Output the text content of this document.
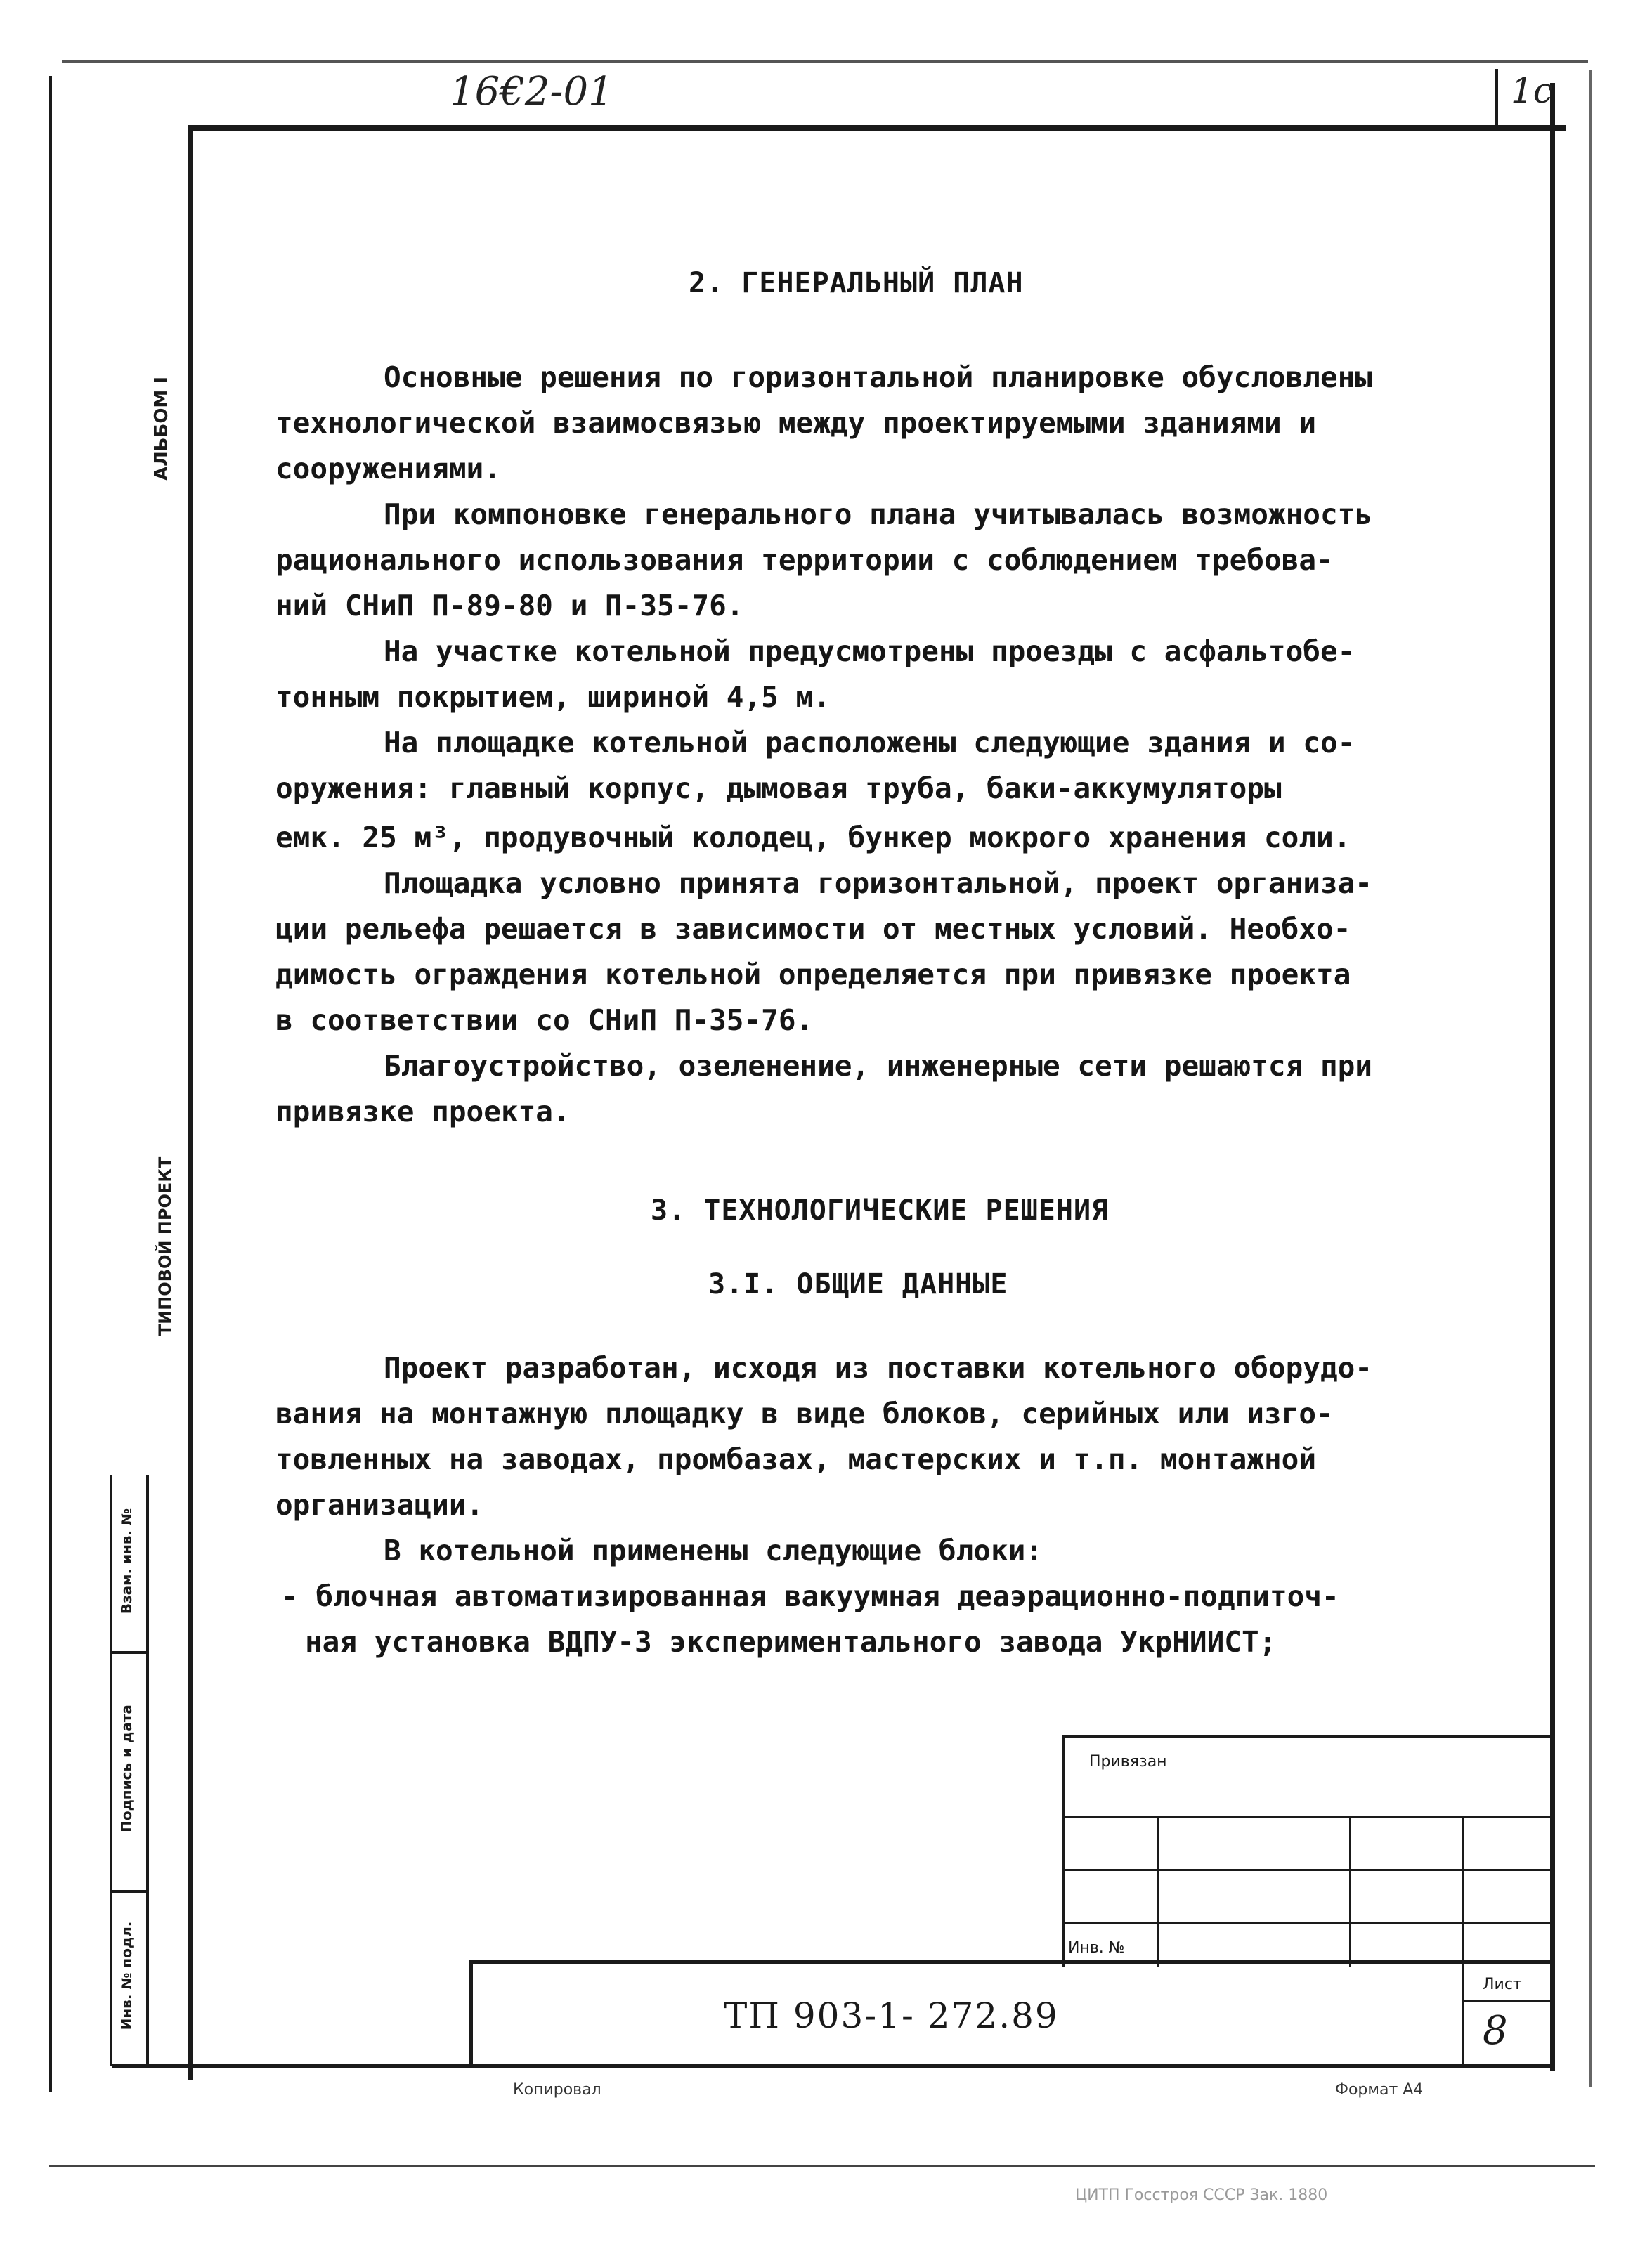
16€2-01	1c
АЛЬБОМ I
ТИПОВОЙ ПРОЕКТ
Взам. инв. №
Подпись и дата
Инв. № подл.
2. ГЕНЕРАЛЬНЫЙ ПЛАН
Основные решения по горизонтальной планировке обусловлены
технологической взаимосвязью между проектируемыми зданиями и
сооружениями.
При компоновке генерального плана учитывалась возможность
рационального использования территории с соблюдением требова-
ний СНиП П-89-80 и П-35-76.
На участке котельной предусмотрены проезды с асфальтобе-
тонным покрытием, шириной 4,5 м.
На площадке котельной расположены следующие здания и со-
оружения: главный корпус, дымовая труба, баки-аккумуляторы
емк. 25 м³, продувочный колодец, бункер мокрого хранения соли.
Площадка условно принята горизонтальной, проект организа-
ции рельефа решается в зависимости от местных условий. Необхо-
димость ограждения котельной определяется при привязке проекта
в соответствии со СНиП П-35-76.
Благоустройство, озеленение, инженерные сети решаются при
привязке проекта.
3. ТЕХНОЛОГИЧЕСКИЕ РЕШЕНИЯ
3.I. ОБЩИЕ ДАННЫЕ
Проект разработан, исходя из поставки котельного оборудо-
вания на монтажную площадку в виде блоков, серийных или изго-
товленных на заводах, промбазах, мастерских и т.п. монтажной
организации.
В котельной применены следующие блоки:
- блочная автоматизированная вакуумная деаэрационно-подпиточ-
ная установка ВДПУ-3 экспериментального завода УкрНИИСТ;
Привязан
Инв. №
ТП 903-1- 272.89
Лист
8
Копировал	Формат А4
ЦИТП Госстроя СССР Зак. 1880
